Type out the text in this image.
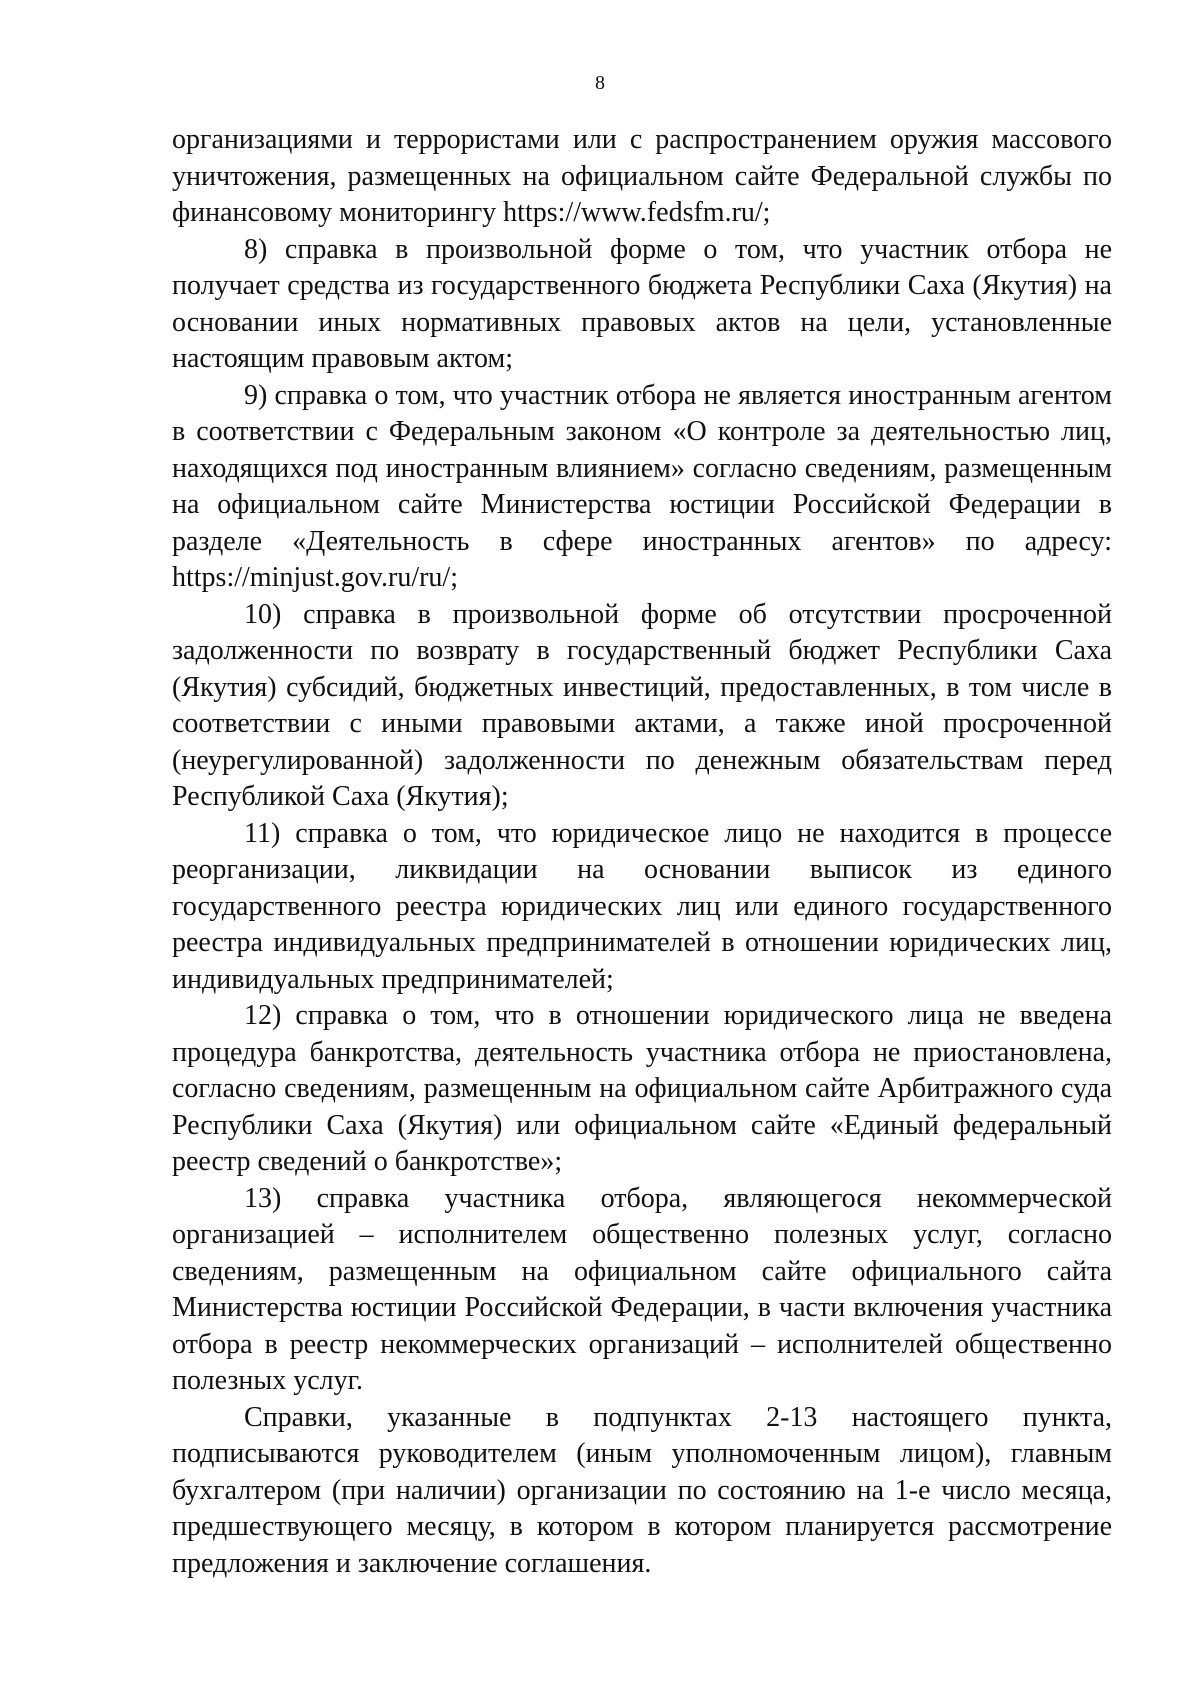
8

организациями и террористами или с распространением оружия массового уничтожения, размещенных на официальном сайте Федеральной службы по финансовому мониторингу https://www.fedsfm.ru/;

8) справка в произвольной форме о том, что участник отбора не получает средства из государственного бюджета Республики Саха (Якутия) на основании иных нормативных правовых актов на цели, установленные настоящим правовым актом;

9) справка о том, что участник отбора не является иностранным агентом в соответствии с Федеральным законом «О контроле за деятельностью лиц, находящихся под иностранным влиянием» согласно сведениям, размещенным на официальном сайте Министерства юстиции Российской Федерации в разделе «Деятельность в сфере иностранных агентов» по адресу: https://minjust.gov.ru/ru/;

10) справка в произвольной форме об отсутствии просроченной задолженности по возврату в государственный бюджет Республики Саха (Якутия) субсидий, бюджетных инвестиций, предоставленных, в том числе в соответствии с иными правовыми актами, а также иной просроченной (неурегулированной) задолженности по денежным обязательствам перед Республикой Саха (Якутия);

11) справка о том, что юридическое лицо не находится в процессе реорганизации, ликвидации на основании выписок из единого государственного реестра юридических лиц или единого государственного реестра индивидуальных предпринимателей в отношении юридических лиц, индивидуальных предпринимателей;

12) справка о том, что в отношении юридического лица не введена процедура банкротства, деятельность участника отбора не приостановлена, согласно сведениям, размещенным на официальном сайте Арбитражного суда Республики Саха (Якутия) или официальном сайте «Единый федеральный реестр сведений о банкротстве»;

13) справка участника отбора, являющегося некоммерческой организацией – исполнителем общественно полезных услуг, согласно сведениям, размещенным на официальном сайте официального сайта Министерства юстиции Российской Федерации, в части включения участника отбора в реестр некоммерческих организаций – исполнителей общественно полезных услуг.

Справки, указанные в подпунктах 2-13 настоящего пункта, подписываются руководителем (иным уполномоченным лицом), главным бухгалтером (при наличии) организации по состоянию на 1-е число месяца, предшествующего месяцу, в котором в котором планируется рассмотрение предложения и заключение соглашения.
